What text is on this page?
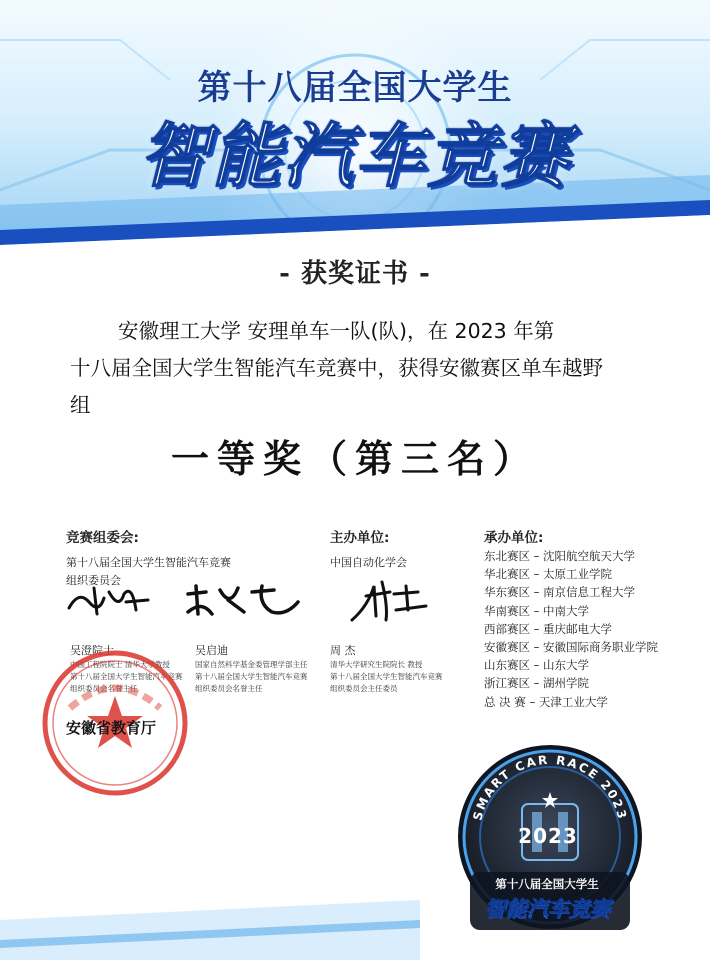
第十八届全国大学生
智能汽车竞赛
- 获奖证书 -
安徽理工大学 安理单车一队(队)，在 2023 年第
十八届全国大学生智能汽车竞赛中，获得安徽赛区单车越野
组
一等奖（第三名）
竞赛组委会:
第十八届全国大学生智能汽车竞赛
组织委员会
主办单位:
中国自动化学会
承办单位:
东北赛区 – 沈阳航空航天大学
华北赛区 – 太原工业学院
华东赛区 – 南京信息工程大学
华南赛区 – 中南大学
西部赛区 – 重庆邮电大学
安徽赛区 – 安徽国际商务职业学院
山东赛区 – 山东大学
浙江赛区 – 湖州学院
总 决 赛 – 天津工业大学
吴澄院士
中国工程院院士 清华大学教授
第十八届全国大学生智能汽车竞赛
组织委员会名誉主任
吴启迪
国家自然科学基金委管理学部主任
第十八届全国大学生智能汽车竞赛
组织委员会名誉主任
周 杰
清华大学研究生院院长 教授
第十八届全国大学生智能汽车竞赛
组织委员会主任委员
安徽省教育厅
SMART CAR RACE 2023
2023
第十八届全国大学生
智能汽车竞赛
